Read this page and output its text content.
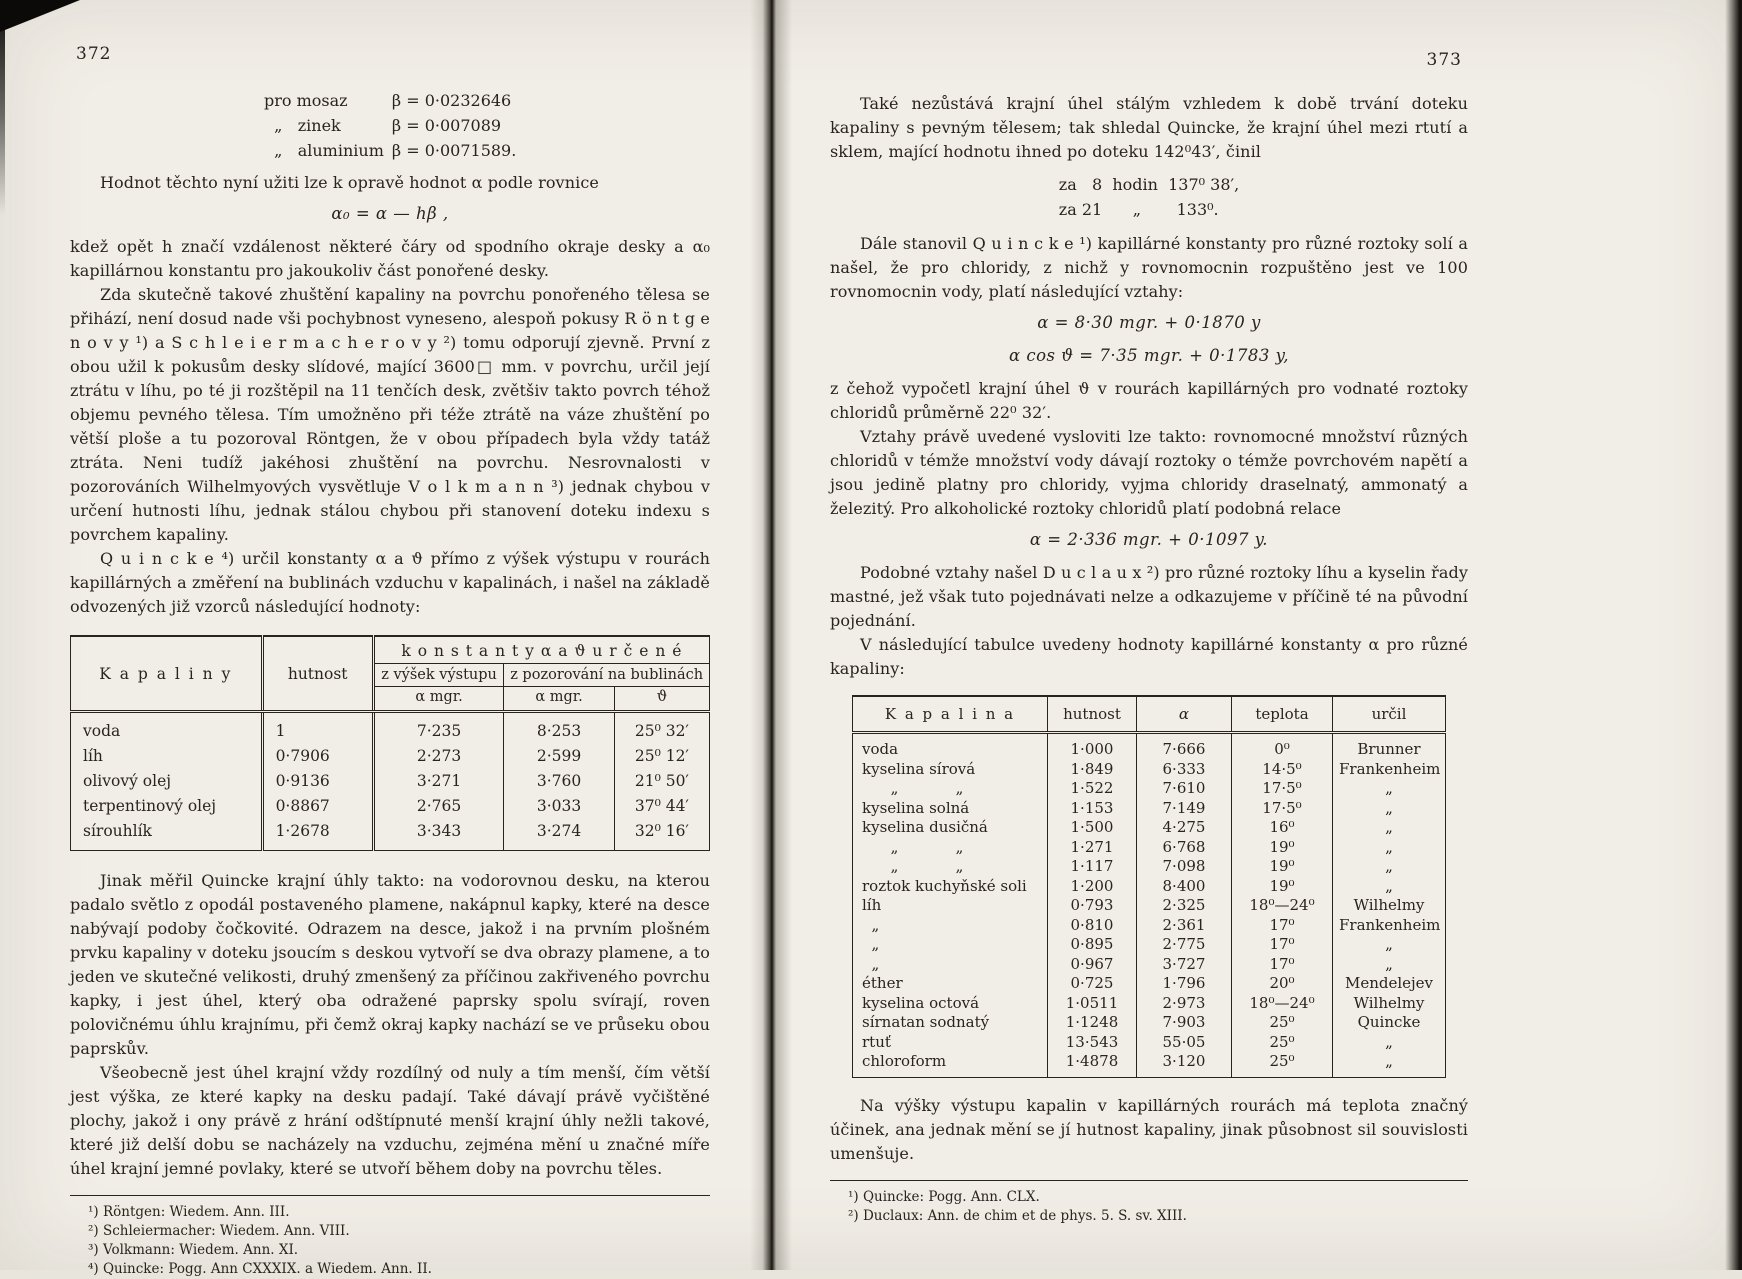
372
pro mosaz	β = 0·0232646
„   zinek	β = 0·007089
„   aluminium	β = 0·0071589.

Hodnot těchto nyní užiti lze k opravě hodnot α podle rovnice

α₀ = α — hβ ,

kdež opět h značí vzdálenost některé čáry od spodního okraje desky a α₀ kapillárnou konstantu pro jakoukoliv část ponořené desky.

Zda skutečně takové zhuštění kapaliny na povrchu ponořeného tělesa se přihází, není dosud nade vši pochybnost vyneseno, alespoň pokusy R ö n t g e n o v y ¹) a S c h l e i e r m a c h e r o v y ²) tomu odporují zjevně. První z obou užil k pokusům desky slídové, mající 3600□ mm. v povrchu, určil její ztrátu v líhu, po té ji rozštěpil na 11 tenčích desk, zvětšiv takto povrch téhož objemu pevného tělesa. Tím umožněno při téže ztrátě na váze zhuštění po větší ploše a tu pozoroval Röntgen, že v obou případech byla vždy tatáž ztráta. Neni tudíž jakéhosi zhuštění na povrchu. Nesrovnalosti v pozorováních Wilhelmyových vysvětluje V o l k m a n n ³) jednak chybou v určení hutnosti líhu, jednak stálou chybou při stanovení doteku indexu s povrchem kapaliny.

Q u i n c k e ⁴) určil konstanty α a ϑ přímo z výšek výstupu v rourách kapillárných a změření na bublinách vzduchu v kapalinách, i našel na základě odvozených již vzorců následující hodnoty:

K a p a l i n y	hutnost	k o n s t a n t y α a ϑ u r č e n é		
		z výšek výstupu	z pozorování na bublinách	
		α mgr.	α mgr.	ϑ
voda	1	7·235	8·253	25⁰ 32′
líh	0·7906	2·273	2·599	25⁰ 12′
olivový olej	0·9136	3·271	3·760	21⁰ 50′
terpentinový olej	0·8867	2·765	3·033	37⁰ 44′
sírouhlík	1·2678	3·343	3·274	32⁰ 16′

Jinak měřil Quincke krajní úhly takto: na vodorovnou desku, na kterou padalo světlo z opodál postaveného plamene, nakápnul kapky, které na desce nabývají podoby čočkovité. Odrazem na desce, jakož i na prvním plošném prvku kapaliny v doteku jsoucím s deskou vytvoří se dva obrazy plamene, a to jeden ve skutečné velikosti, druhý zmenšený za příčinou zakřiveného povrchu kapky, i jest úhel, který oba odražené paprsky spolu svírají, roven polovičnému úhlu krajnímu, při čemž okraj kapky nachází se ve průseku obou paprskův.

Všeobecně jest úhel krajní vždy rozdílný od nuly a tím menší, čím větší jest výška, ze které kapky na desku padají. Také dávají právě vyčištěné plochy, jakož i ony právě z hrání odštípnuté menší krajní úhly nežli takové, které již delší dobu se nacházely na vzduchu, zejména mění u značné míře úhel krajní jemné povlaky, které se utvoří během doby na povrchu těles.

¹) Röntgen: Wiedem. Ann. III.
²) Schleiermacher: Wiedem. Ann. VIII.
³) Volkmann: Wiedem. Ann. XI.
⁴) Quincke: Pogg. Ann CXXXIX. a Wiedem. Ann. II.
373

Také nezůstává krajní úhel stálým vzhledem k době trvání doteku kapaliny s pevným tělesem; tak shledal Quincke, že krajní úhel mezi rtutí a sklem, mající hodnotu ihned po doteku 142⁰43′, činil

za   8  hodin  137⁰ 38′,
za 21      „       133⁰.

Dále stanovil Q u i n c k e ¹) kapillárné konstanty pro různé roztoky solí a našel, že pro chloridy, z nichž y rovnomocnin rozpuštěno jest ve 100 rovnomocnin vody, platí následující vztahy:

α = 8·30 mgr. + 0·1870 y
α cos ϑ = 7·35 mgr. + 0·1783 y,

z čehož vypočetl krajní úhel ϑ v rourách kapillárných pro vodnaté roztoky chloridů průměrně 22⁰ 32′.

Vztahy právě uvedené vysloviti lze takto: rovnomocné množství různých chloridů v témže množství vody dávají roztoky o témže povrchovém napětí a jsou jedině platny pro chloridy, vyjma chloridy draselnatý, ammonatý a železitý. Pro alkoholické roztoky chloridů platí podobná relace

α = 2·336 mgr. + 0·1097 y.

Podobné vztahy našel D u c l a u x ²) pro různé roztoky líhu a kyselin řady mastné, jež však tuto pojednávati nelze a odkazujeme v příčině té na původní pojednání.

V následující tabulce uvedeny hodnoty kapillárné konstanty α pro různé kapaliny:

K a p a l i n a	hutnost	α	teplota	určil
voda	1·000	7·666	0⁰	Brunner
kyselina sírová	1·849	6·333	14·5⁰	Frankenheim
„            „	1·522	7·610	17·5⁰	„
kyselina solná	1·153	7·149	17·5⁰	„
kyselina dusičná	1·500	4·275	16⁰	„
„            „	1·271	6·768	19⁰	„
„            „	1·117	7·098	19⁰	„
roztok kuchyňské soli	1·200	8·400	19⁰	„
líh	0·793	2·325	18⁰—24⁰	Wilhelmy
„	0·810	2·361	17⁰	Frankenheim
„	0·895	2·775	17⁰	„
„	0·967	3·727	17⁰	„
éther	0·725	1·796	20⁰	Mendelejev
kyselina octová	1·0511	2·973	18⁰—24⁰	Wilhelmy
sírnatan sodnatý	1·1248	7·903	25⁰	Quincke
rtuť	13·543	55·05	25⁰	„
chloroform	1·4878	3·120	25⁰	„

Na výšky výstupu kapalin v kapillárných rourách má teplota značný účinek, ana jednak mění se jí hutnost kapaliny, jinak působnost sil souvislosti umenšuje.

¹) Quincke: Pogg. Ann. CLX.
²) Duclaux: Ann. de chim et de phys. 5. S. sv. XIII.
